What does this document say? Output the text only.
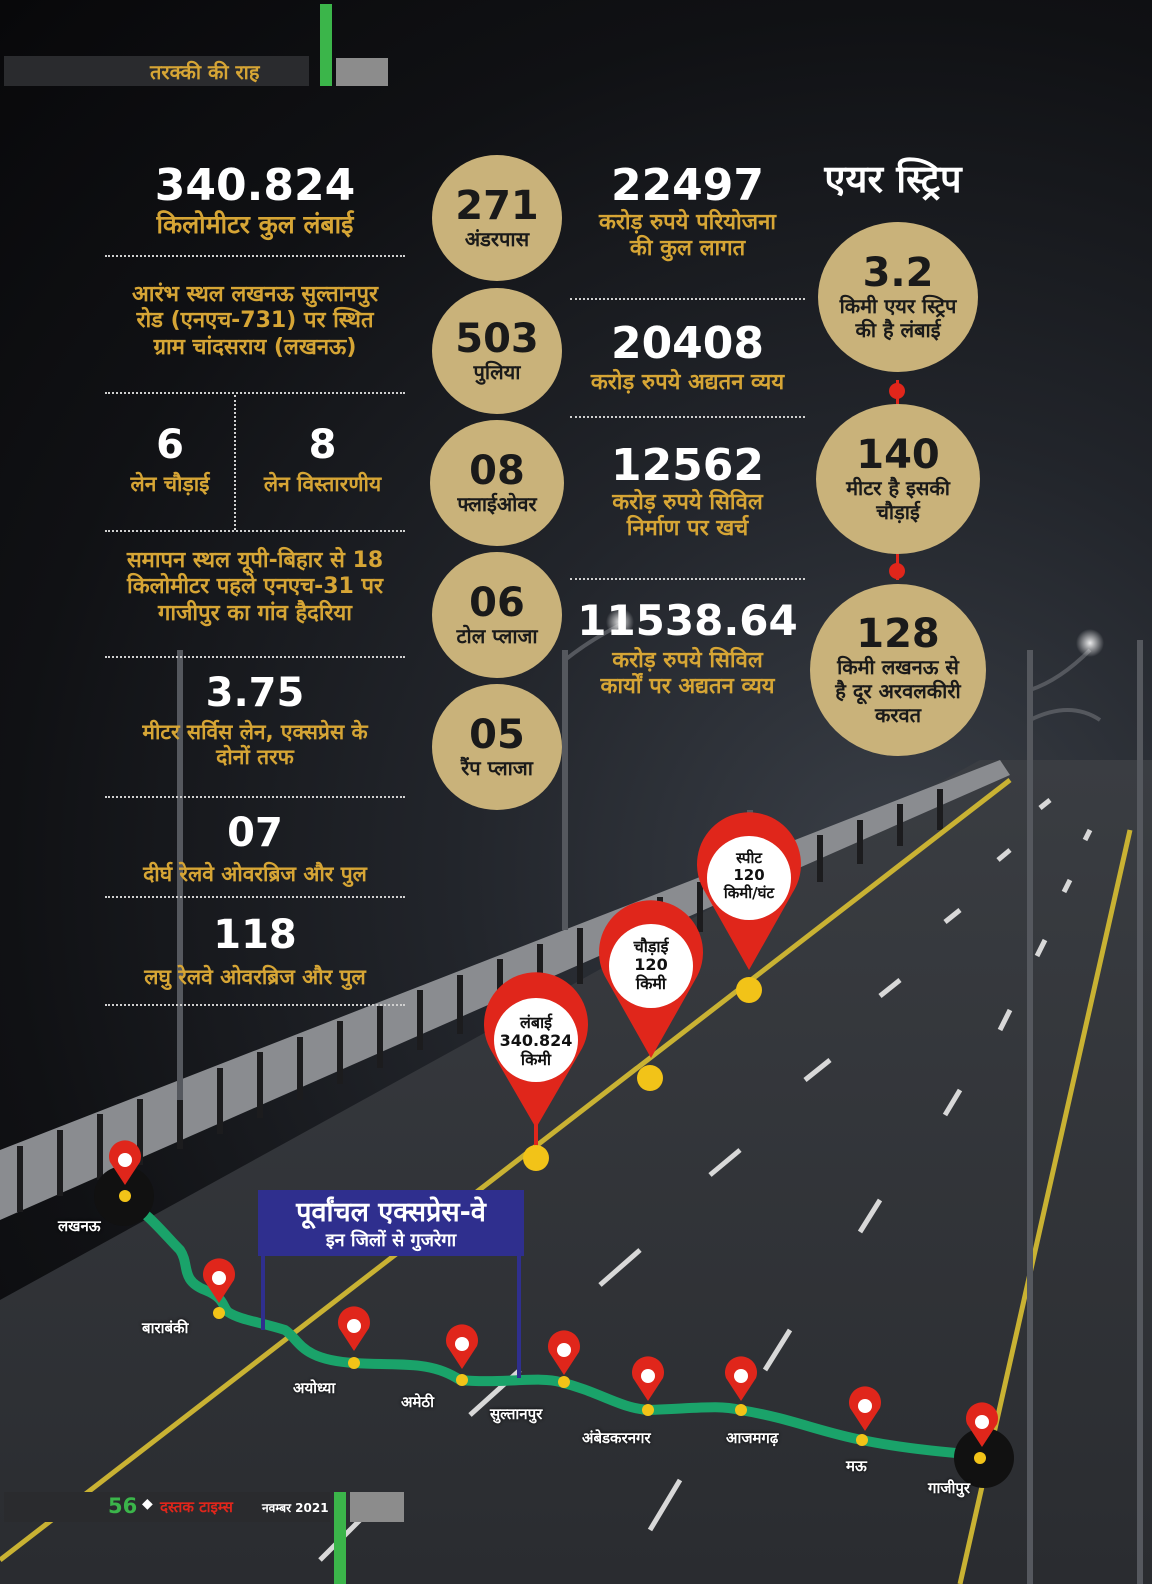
तरक्की की राह
340.824
किलोमीटर कुल लंबाई
आरंभ स्थल लखनऊ सुल्तानपुर
रोड (एनएच-731) पर स्थित
ग्राम चांदसराय (लखनऊ)
6
लेन चौड़ाई
8
लेन विस्तारणीय
समापन स्थल यूपी-बिहार से 18
किलोमीटर पहले एनएच-31 पर
गाजीपुर का गांव हैदरिया
3.75
मीटर सर्विस लेन, एक्सप्रेस के
दोनों तरफ
07
दीर्घ रेलवे ओवरब्रिज और पुल
118
लघु रेलवे ओवरब्रिज और पुल
271
अंडरपास
503
पुलिया
08
फ्लाईओवर
06
टोल प्लाजा
05
रैंप प्लाजा
22497
करोड़ रुपये परियोजना
की कुल लागत
20408
करोड़ रुपये अद्यतन व्यय
12562
करोड़ रुपये सिविल
निर्माण पर खर्च
11538.64
करोड़ रुपये सिविल
कार्यों पर अद्यतन व्यय
एयर स्ट्रिप
3.2
किमी एयर स्ट्रिप
की है लंबाई
140
मीटर है इसकी
चौड़ाई
128
किमी लखनऊ से
है दूर अरवलकीरी
करवत
लंबाई
340.824
किमी
चौड़ाई
120
किमी
स्पीट
120
किमी/घंट
पूर्वांचल एक्सप्रेस-वे
इन जिलों से गुजरेगा
लखनऊ
बाराबंकी
अयोध्या
अमेठी
सुल्तानपुर
अंबेडकरनगर	आजमगढ़
मऊ
गाजीपुर
56 ◆ दस्तक टाइम्स नवम्बर 2021
